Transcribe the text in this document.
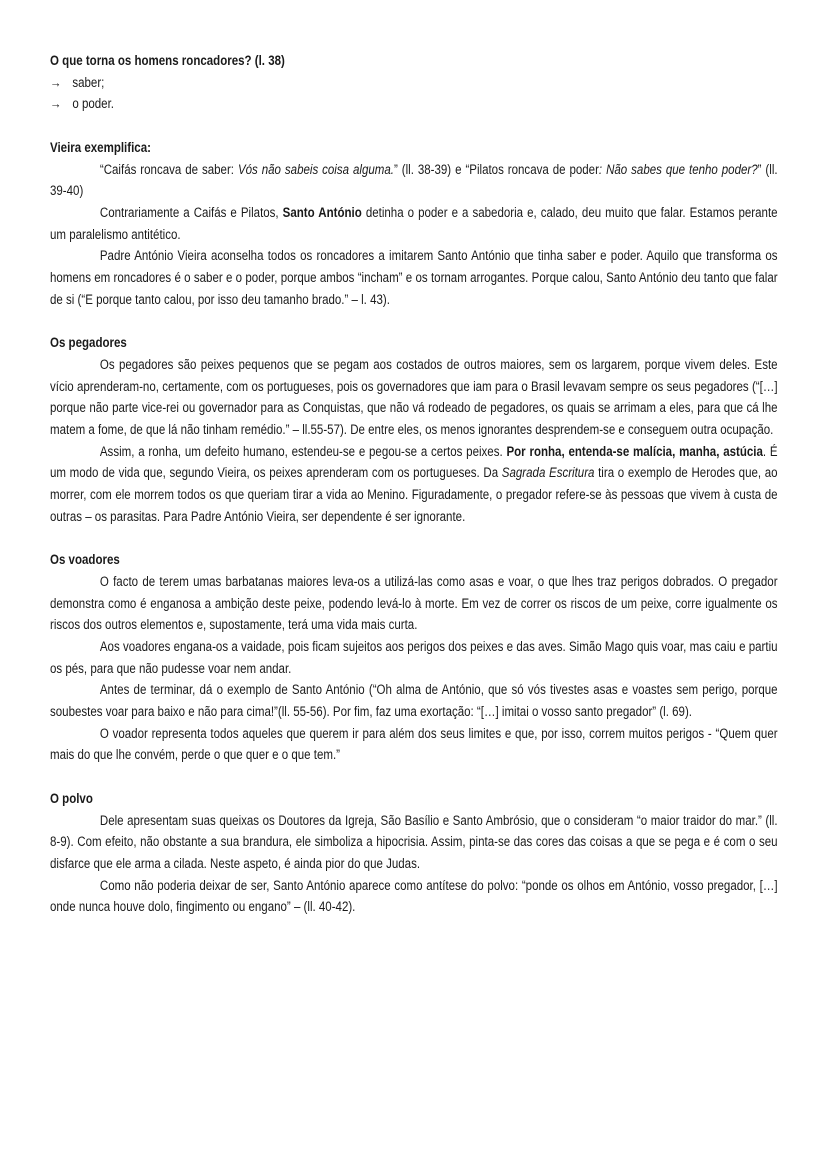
O que torna os homens roncadores? (l. 38)
→ saber;
→ o poder.
Vieira exemplifica:

“Caifás roncava de saber: Vós não sabeis coisa alguma.” (ll. 38-39) e “Pilatos roncava de poder: Não sabes que tenho poder?” (ll. 39-40)

Contrariamente a Caifás e Pilatos, Santo António detinha o poder e a sabedoria e, calado, deu muito que falar. Estamos perante um paralelismo antitético.

Padre António Vieira aconselha todos os roncadores a imitarem Santo António que tinha saber e poder. Aquilo que transforma os homens em roncadores é o saber e o poder, porque ambos “incham” e os tornam arrogantes. Porque calou, Santo António deu tanto que falar de si (“E porque tanto calou, por isso deu tamanho brado.” – l. 43).

Os pegadores

Os pegadores são peixes pequenos que se pegam aos costados de outros maiores, sem os largarem, porque vivem deles. Este vício aprenderam-no, certamente, com os portugueses, pois os governadores que iam para o Brasil levavam sempre os seus pegadores (“[…] porque não parte vice-rei ou governador para as Conquistas, que não vá rodeado de pegadores, os quais se arrimam a eles, para que cá lhe matem a fome, de que lá não tinham remédio.” – ll.55-57). De entre eles, os menos ignorantes desprendem-se e conseguem outra ocupação.

Assim, a ronha, um defeito humano, estendeu-se e pegou-se a certos peixes. Por ronha, entenda-se malícia, manha, astúcia. É um modo de vida que, segundo Vieira, os peixes aprenderam com os portugueses. Da Sagrada Escritura tira o exemplo de Herodes que, ao morrer, com ele morrem todos os que queriam tirar a vida ao Menino. Figuradamente, o pregador refere-se às pessoas que vivem à custa de outras – os parasitas. Para Padre António Vieira, ser dependente é ser ignorante.

Os voadores

O facto de terem umas barbatanas maiores leva-os a utilizá-las como asas e voar, o que lhes traz perigos dobrados. O pregador demonstra como é enganosa a ambição deste peixe, podendo levá-lo à morte. Em vez de correr os riscos de um peixe, corre igualmente os riscos dos outros elementos e, supostamente, terá uma vida mais curta.

Aos voadores engana-os a vaidade, pois ficam sujeitos aos perigos dos peixes e das aves. Simão Mago quis voar, mas caiu e partiu os pés, para que não pudesse voar nem andar.

Antes de terminar, dá o exemplo de Santo António (“Oh alma de António, que só vós tivestes asas e voastes sem perigo, porque soubestes voar para baixo e não para cima!”(ll. 55-56). Por fim, faz uma exortação: “[…] imitai o vosso santo pregador” (l. 69).

O voador representa todos aqueles que querem ir para além dos seus limites e que, por isso, correm muitos perigos - “Quem quer mais do que lhe convém, perde o que quer e o que tem.”

O polvo

Dele apresentam suas queixas os Doutores da Igreja, São Basílio e Santo Ambrósio, que o consideram “o maior traidor do mar.” (ll. 8-9). Com efeito, não obstante a sua brandura, ele simboliza a hipocrisia. Assim, pinta-se das cores das coisas a que se pega e é com o seu disfarce que ele arma a cilada. Neste aspeto, é ainda pior do que Judas.

Como não poderia deixar de ser, Santo António aparece como antítese do polvo: “ponde os olhos em António, vosso pregador, […] onde nunca houve dolo, fingimento ou engano” – (ll. 40-42).
